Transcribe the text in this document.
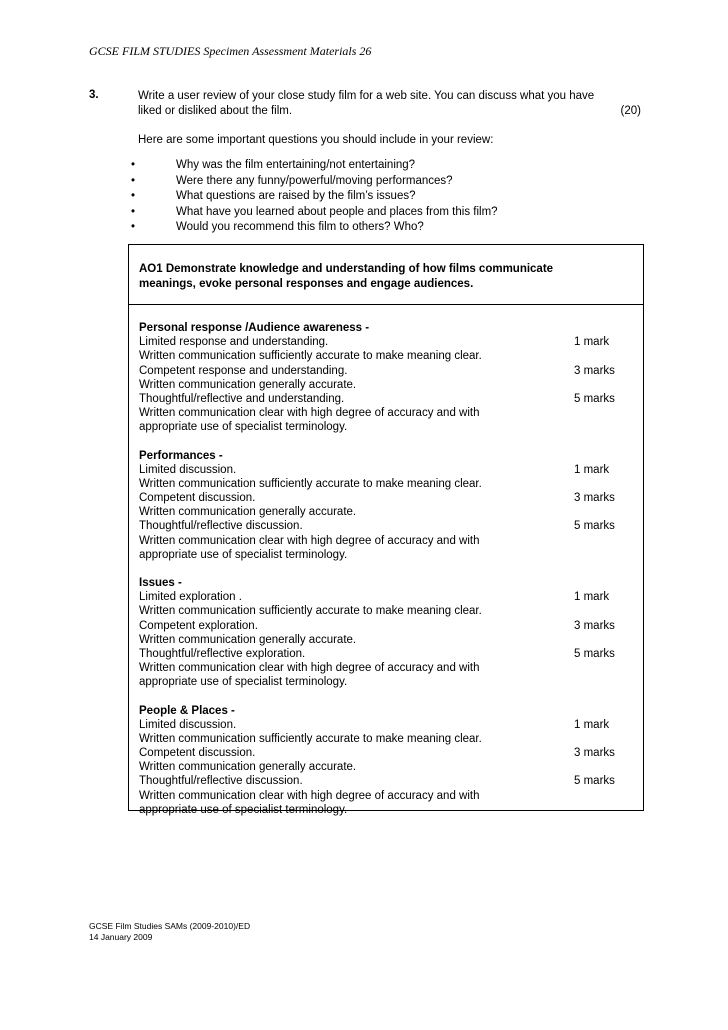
GCSE FILM STUDIES Specimen Assessment Materials 26
3.	Write a user review of your close study film for a web site. You can discuss what you have
liked or disliked about the film.	(20)
Here are some important questions you should include in your review:
•	Why was the film entertaining/not entertaining?
•	Were there any funny/powerful/moving performances?
•	What questions are raised by the film’s issues?
•	What have you learned about people and places from this film?
•	Would you recommend this film to others? Who?
AO1 Demonstrate knowledge and understanding of how films communicate
meanings, evoke personal responses and engage audiences.
Personal response /Audience awareness -
Limited response and understanding.	1 mark
Written communication sufficiently accurate to make meaning clear.
Competent response and understanding.	3 marks
Written communication generally accurate.
Thoughtful/reflective and understanding.	5 marks
Written communication clear with high degree of accuracy and with
appropriate use of specialist terminology.
Performances -
Limited discussion.	1 mark
Written communication sufficiently accurate to make meaning clear.
Competent discussion.	3 marks
Written communication generally accurate.
Thoughtful/reflective discussion.	5 marks
Written communication clear with high degree of accuracy and with
appropriate use of specialist terminology.
Issues -
Limited exploration .	1 mark
Written communication sufficiently accurate to make meaning clear.
Competent exploration.	3 marks
Written communication generally accurate.
Thoughtful/reflective exploration.	5 marks
Written communication clear with high degree of accuracy and with
appropriate use of specialist terminology.
People & Places -
Limited discussion.	1 mark
Written communication sufficiently accurate to make meaning clear.
Competent discussion.	3 marks
Written communication generally accurate.
Thoughtful/reflective discussion.	5 marks
Written communication clear with high degree of accuracy and with
appropriate use of specialist terminology.
GCSE Film Studies SAMs (2009-2010)/ED
14 January 2009
